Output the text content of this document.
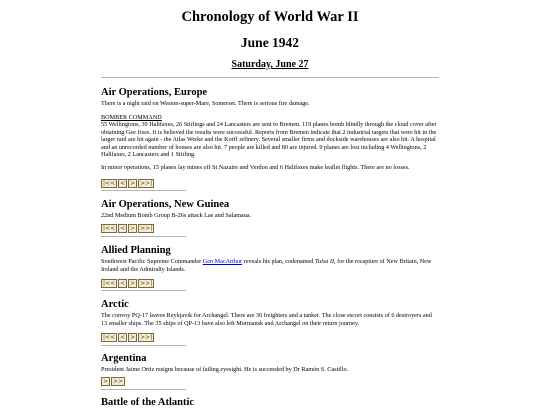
Chronology of World War II
June 1942
Saturday, June 27
Air Operations, Europe

There is a night raid on Weston-super-Mare, Somerset. There is serious fire damage.

BOMBER COMMAND

55 Wellingtons, 39 Halifaxes, 26 Stirlings and 24 Lancasters are sent to Bremen. 119 planes bomb blindly through the cloud cover after obtaining Gee fixes. It is believed the results were successful. Reports from Bremen indicate that 2 industrial targets that were hit in the larger raid are hit again - the Atlas Werke and the Korff refinery. Several smaller firms and dockside warehouses are also hit. A hospital and an unrecorded number of houses are also hit. 7 people are killed and 80 are injured. 9 planes are lost including 4 Wellingtons, 2 Halifaxes, 2 Lancasters and 1 Stirling.

In minor operations, 15 planes lay mines off St Nazaire and Verdon and 6 Halifaxes make leaflet flights. There are no losses.

|<< < > >>|
Air Operations, New Guinea

22nd Medium Bomb Group B-26s attack Lae and Salamaua.

|<< < > >>|
Allied Planning

Southwest Pacific Supreme Commander Gen MacArthur reveals his plan, codenamed Tulsa II, for the recapture of New Britain, New Ireland and the Admiralty Islands.

|<< < > >>|
Arctic

The convoy PQ-17 leaves Reykjavik for Archangel. There are 36 freighters and a tanker. The close escort consists of 6 destroyers and 13 smaller ships. The 35 ships of QP-13 have also left Murmansk and Archangel on their return journey.

|<< < > >>|
Argentina

President Jaime Ortiz resigns because of failing eyesight. He is succeeded by Dr Ramón S. Castillo.

> >>
Battle of the Atlantic
